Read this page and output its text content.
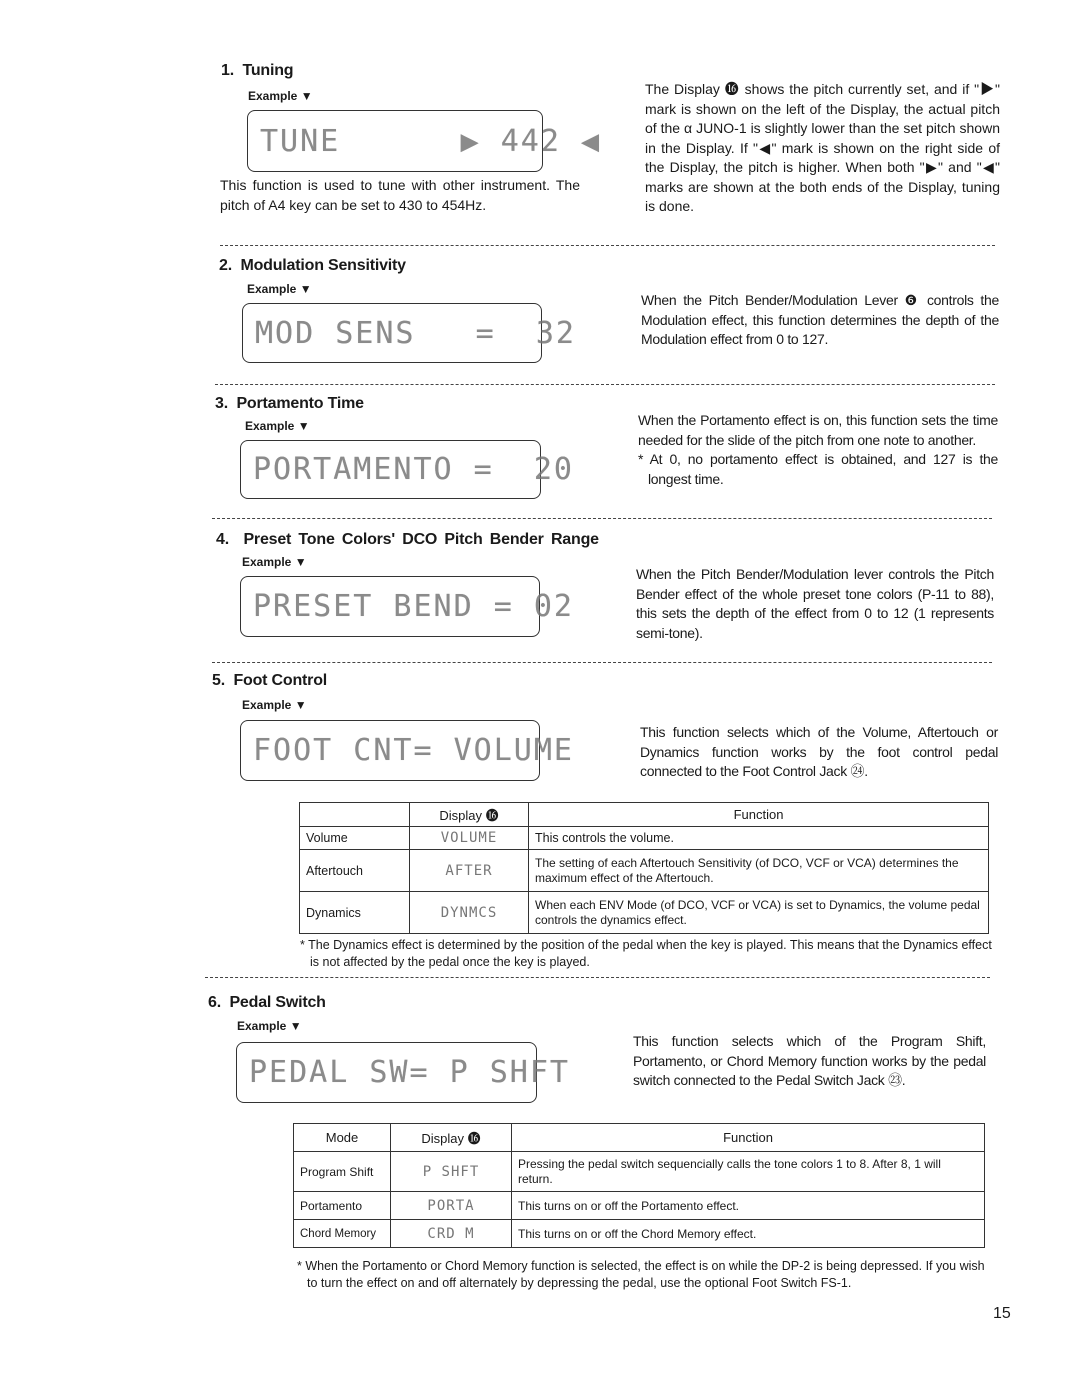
1. Tuning
Example ▼
TUNE      ▶ 442 ◀
This function is used to tune with other instrument. The pitch of A4 key can be set to 430 to 454Hz.
The Display ⓰ shows the pitch currently set, and if "▶" mark is shown on the left of the Display, the actual pitch of the α JUNO-1 is slightly lower than the set pitch shown in the Display. If "◀" mark is shown on the right side of the Display, the pitch is higher. When both "▶" and "◀" marks are shown at the both ends of the Display, tuning is done.
2. Modulation Sensitivity
Example ▼
MOD SENS   =  32
When the Pitch Bender/Modulation Lever ❻ controls the Modulation effect, this function determines the depth of the Modulation effect from 0 to 127.
3. Portamento Time
Example ▼
PORTAMENTO =  20
When the Portamento effect is on, this function sets the time needed for the slide of the pitch from one note to another.
* At 0, no portamento effect is obtained, and 127 is the longest time.
4. Preset Tone Colors' DCO Pitch Bender Range
Example ▼
PRESET BEND = 02
When the Pitch Bender/Modulation lever controls the Pitch Bender effect of the whole preset tone colors (P-11 to 88), this sets the depth of the effect from 0 to 12 (1 represents semi-tone).
5. Foot Control
Example ▼
FOOT CNT= VOLUME
This function selects which of the Volume, Aftertouch or Dynamics function works by the foot control pedal connected to the Foot Control Jack ㉔.
	Display ⓰	Function
Volume	VOLUME	This controls the volume.
Aftertouch	AFTER	The setting of each Aftertouch Sensitivity (of DCO, VCF or VCA) determines the maximum effect of the Aftertouch.
Dynamics	DYNMCS	When each ENV Mode (of DCO, VCF or VCA) is set to Dynamics, the volume pedal controls the dynamics effect.
* The Dynamics effect is determined by the position of the pedal when the key is played. This means that the Dynamics effect is not affected by the pedal once the key is played.
6. Pedal Switch
Example ▼
PEDAL SW= P SHFT
This function selects which of the Program Shift, Portamento, or Chord Memory function works by the pedal switch connected to the Pedal Switch Jack ㉓.
Mode	Display ⓰	Function
Program Shift	P SHFT	Pressing the pedal switch sequencially calls the tone colors 1 to 8. After 8, 1 will return.
Portamento	PORTA	This turns on or off the Portamento effect.
Chord Memory	CRD M	This turns on or off the Chord Memory effect.
* When the Portamento or Chord Memory function is selected, the effect is on while the DP-2 is being depressed. If you wish to turn the effect on and off alternately by depressing the pedal, use the optional Foot Switch FS-1.
15
